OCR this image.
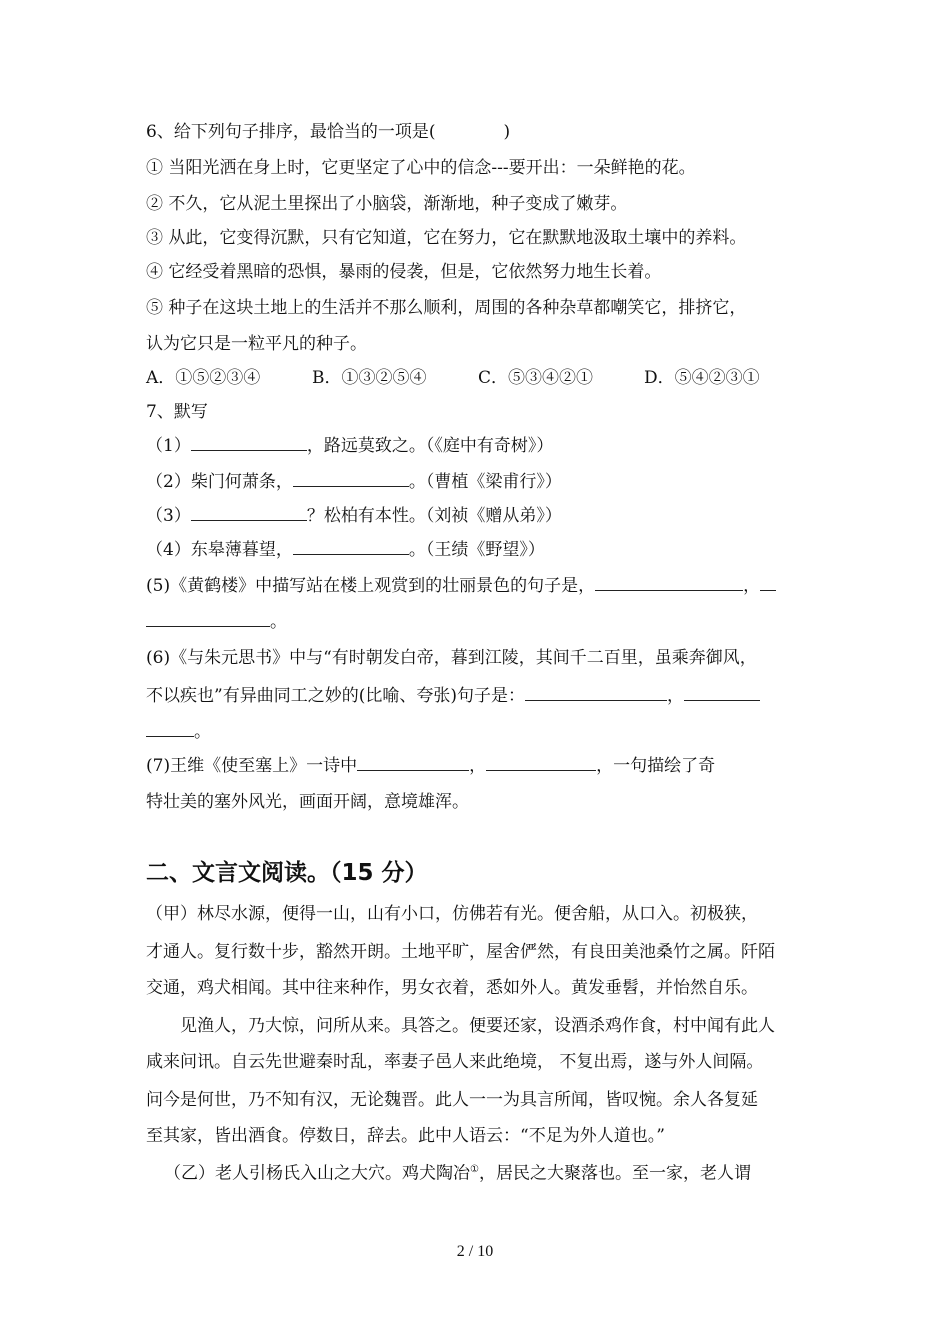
6、给下列句子排序，最恰当的一项是(　　　　)
① 当阳光洒在身上时，它更坚定了心中的信念---要开出：一朵鲜艳的花。
② 不久，它从泥土里探出了小脑袋，渐渐地，种子变成了嫩芽。
③ 从此，它变得沉默，只有它知道，它在努力，它在默默地汲取土壤中的养料。
④ 它经受着黑暗的恐惧，暴雨的侵袭，但是，它依然努力地生长着。
⑤ 种子在这块土地上的生活并不那么顺利，周围的各种杂草都嘲笑它，排挤它，
认为它只是一粒平凡的种子。
A．①⑤②③④	B．①③②⑤④	C．⑤③④②①	D．⑤④②③①
7、默写
（1）	，路远莫致之。（《庭中有奇树》）
（2）柴门何萧条，	。（曹植《梁甫行》）
（3）	？松柏有本性。（刘祯《赠从弟》）
（4）东皋薄暮望，	。（王绩《野望》）
(5)《黄鹤楼》中描写站在楼上观赏到的壮丽景色的句子是，	，
。
(6)《与朱元思书》中与“有时朝发白帝，暮到江陵，其间千二百里，虽乘奔御风，
不以疾也”有异曲同工之妙的(比喻、夸张)句子是：	，
。
(7)王维《使至塞上》一诗中	，	，一句描绘了奇
特壮美的塞外风光，画面开阔，意境雄浑。
二、文言文阅读。（15 分）
（甲）林尽水源，便得一山，山有小口，仿佛若有光。便舍船，从口入。初极狭，
才通人。复行数十步，豁然开朗。土地平旷，屋舍俨然，有良田美池桑竹之属。阡陌
交通，鸡犬相闻。其中往来种作，男女衣着，悉如外人。黄发垂髫，并怡然自乐。
见渔人，乃大惊，问所从来。具答之。便要还家，设酒杀鸡作食，村中闻有此人
咸来问讯。自云先世避秦时乱，率妻子邑人来此绝境， 不复出焉，遂与外人间隔。
问今是何世，乃不知有汉，无论魏晋。此人一一为具言所闻，皆叹惋。余人各复延
至其家，皆出酒食。停数日，辞去。此中人语云：“不足为外人道也。”
（乙）老人引杨氏入山之大穴。鸡犬陶冶①，居民之大聚落也。至一家，老人谓
2 / 10
